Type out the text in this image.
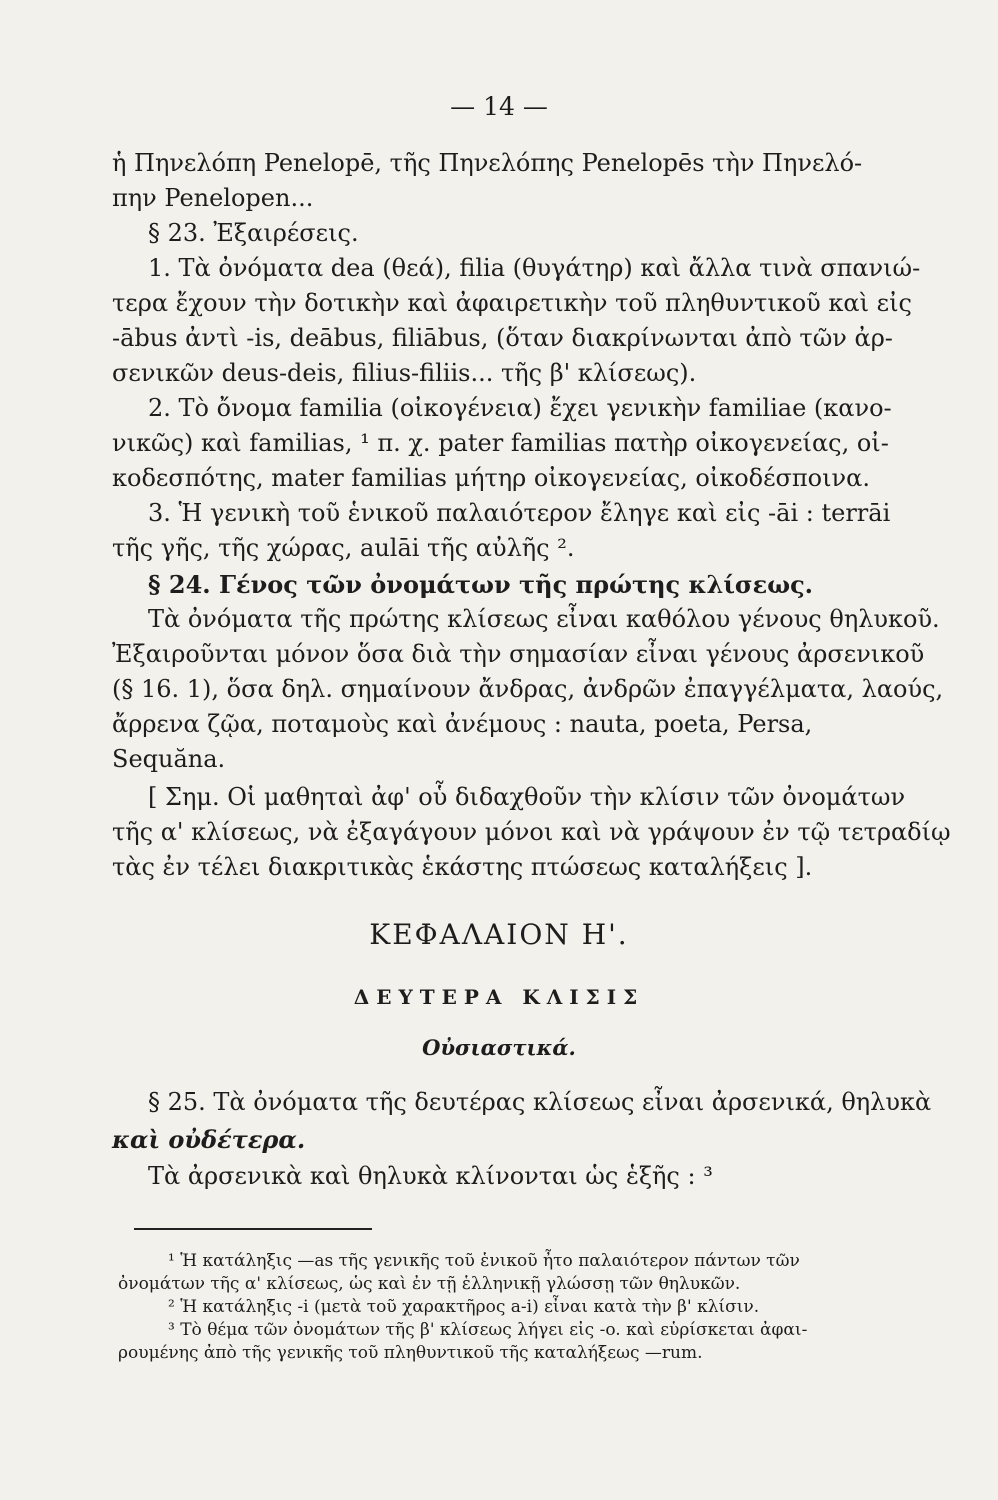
— 14 —

ἡ Πηνελόπη Penelopē, τῆς Πηνελόπης Penelopēs τὴν Πηνελό-

πην Penelopen...

§ 23. Ἐξαιρέσεις.

1. Τὰ ὀνόματα dea (θεά), filia (θυγάτηρ) καὶ ἄλλα τινὰ σπανιώ-

τερα ἔχουν τὴν δοτικὴν καὶ ἀφαιρετικὴν τοῦ πληθυντικοῦ καὶ εἰς

-ābus ἀντὶ -is, deābus, filiābus, (ὅταν διακρίνωνται ἀπὸ τῶν ἀρ-

σενικῶν deus-deis, filius-filiis... τῆς β' κλίσεως).

2. Τὸ ὄνομα familia (οἰκογένεια) ἔχει γενικὴν familiae (κανο-

νικῶς) καὶ familias, ¹ π. χ. pater familias πατὴρ οἰκογενείας, οἰ-

κοδεσπότης, mater familias μήτηρ οἰκογενείας, οἰκοδέσποινα.

3. Ἡ γενικὴ τοῦ ἑνικοῦ παλαιότερον ἔληγε καὶ εἰς -āi : terrāi

τῆς γῆς, τῆς χώρας, aulāi τῆς αὐλῆς ².

§ 24. Γένος τῶν ὀνομάτων τῆς πρώτης κλίσεως.

Τὰ ὀνόματα τῆς πρώτης κλίσεως εἶναι καθόλου γένους θηλυκοῦ.

Ἐξαιροῦνται μόνον ὅσα διὰ τὴν σημασίαν εἶναι γένους ἀρσενικοῦ

(§ 16. 1), ὅσα δηλ. σημαίνουν ἄνδρας, ἀνδρῶν ἐπαγγέλματα, λαούς,

ἄρρενα ζῷα, ποταμοὺς καὶ ἀνέμους : nauta, poeta, Persa,

Sequăna.

[ Σημ. Οἱ μαθηταὶ ἀφ' οὗ διδαχθοῦν τὴν κλίσιν τῶν ὀνομάτων

τῆς α' κλίσεως, νὰ ἐξαγάγουν μόνοι καὶ νὰ γράψουν ἐν τῷ τετραδίῳ

τὰς ἐν τέλει διακριτικὰς ἑκάστης πτώσεως καταλήξεις ].

ΚΕΦΑΛΑΙΟΝ Η'.
ΔΕΥΤΕΡΑ ΚΛΙΣΙΣ
Οὐσιαστικά.

§ 25. Τὰ ὀνόματα τῆς δευτέρας κλίσεως εἶναι ἀρσενικά, θηλυκὰ

καὶ οὐδέτερα.

Τὰ ἀρσενικὰ καὶ θηλυκὰ κλίνονται ὡς ἑξῆς : ³

¹ Ἡ κατάληξις —as τῆς γενικῆς τοῦ ἑνικοῦ ἦτο παλαιότερον πάντων τῶν

ὀνομάτων τῆς α' κλίσεως, ὡς καὶ ἐν τῇ ἑλληνικῇ γλώσσῃ τῶν θηλυκῶν.

² Ἡ κατάληξις -i (μετὰ τοῦ χαρακτῆρος a-i) εἶναι κατὰ τὴν β' κλίσιν.

³ Τὸ θέμα τῶν ὀνομάτων τῆς β' κλίσεως λήγει εἰς -o. καὶ εὑρίσκεται ἀφαι-

ρουμένης ἀπὸ τῆς γενικῆς τοῦ πληθυντικοῦ τῆς καταλήξεως —rum.
